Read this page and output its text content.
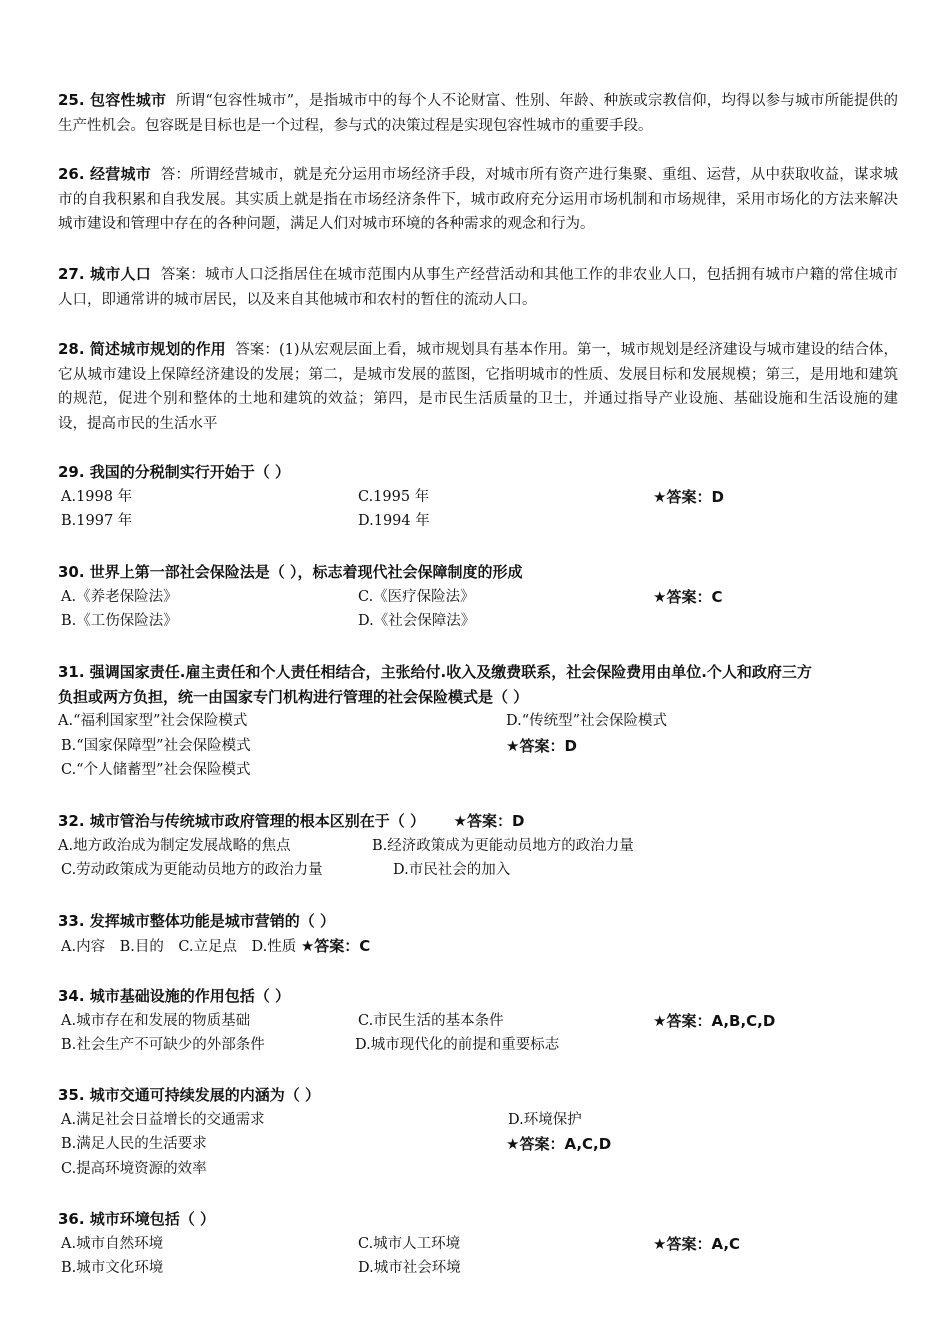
25. 包容性城市 所谓“包容性城市”，是指城市中的每个人不论财富、性别、年龄、种族或宗教信仰，均得以参与城市所能提供的生产性机会。包容既是目标也是一个过程，参与式的决策过程是实现包容性城市的重要手段。
26. 经营城市 答：所谓经营城市，就是充分运用市场经济手段，对城市所有资产进行集聚、重组、运营，从中获取收益，谋求城市的自我积累和自我发展。其实质上就是指在市场经济条件下，城市政府充分运用市场机制和市场规律，采用市场化的方法来解决城市建设和管理中存在的各种问题，满足人们对城市环境的各种需求的观念和行为。
27. 城市人口 答案：城市人口泛指居住在城市范围内从事生产经营活动和其他工作的非农业人口，包括拥有城市户籍的常住城市人口，即通常讲的城市居民，以及来自其他城市和农村的暂住的流动人口。
28. 简述城市规划的作用 答案：(1)从宏观层面上看，城市规划具有基本作用。第一，城市规划是经济建设与城市建设的结合体，它从城市建设上保障经济建设的发展；第二，是城市发展的蓝图，它指明城市的性质、发展目标和发展规模；第三，是用地和建筑的规范，促进个别和整体的土地和建筑的效益；第四，是市民生活质量的卫士，并通过指导产业设施、基础设施和生活设施的建设，提高市民的生活水平
29. 我国的分税制实行开始于（ ）
A.1998 年	C.1995 年	★答案：D
B.1997 年	D.1994 年
30. 世界上第一部社会保险法是（ ），标志着现代社会保障制度的形成
A.《养老保险法》	C.《医疗保险法》	★答案：C
B.《工伤保险法》	D.《社会保障法》
31. 强调国家责任.雇主责任和个人责任相结合，主张给付.收入及缴费联系，社会保险费用由单位.个人和政府三方
负担或两方负担，统一由国家专门机构进行管理的社会保险模式是（ ）
A.“福利国家型”社会保险模式	D.“传统型”社会保险模式
B.“国家保障型”社会保险模式	★答案：D
C.“个人储蓄型”社会保险模式
32. 城市管治与传统城市政府管理的根本区别在于（ ） ★答案：D
A.地方政治成为制定发展战略的焦点	B.经济政策成为更能动员地方的政治力量
C.劳动政策成为更能动员地方的政治力量	D.市民社会的加入
33. 发挥城市整体功能是城市营销的（ ）
A.内容　B.目的　C.立足点　D.性质 ★答案：C
34. 城市基础设施的作用包括（ ）
A.城市存在和发展的物质基础	C.市民生活的基本条件	★答案：A,B,C,D
B.社会生产不可缺少的外部条件	D.城市现代化的前提和重要标志
35. 城市交通可持续发展的内涵为（ ）
A.满足社会日益增长的交通需求	D.环境保护
B.满足人民的生活要求	★答案：A,C,D
C.提高环境资源的效率
36. 城市环境包括（ ）
A.城市自然环境	C.城市人工环境	★答案：A,C
B.城市文化环境	D.城市社会环境
